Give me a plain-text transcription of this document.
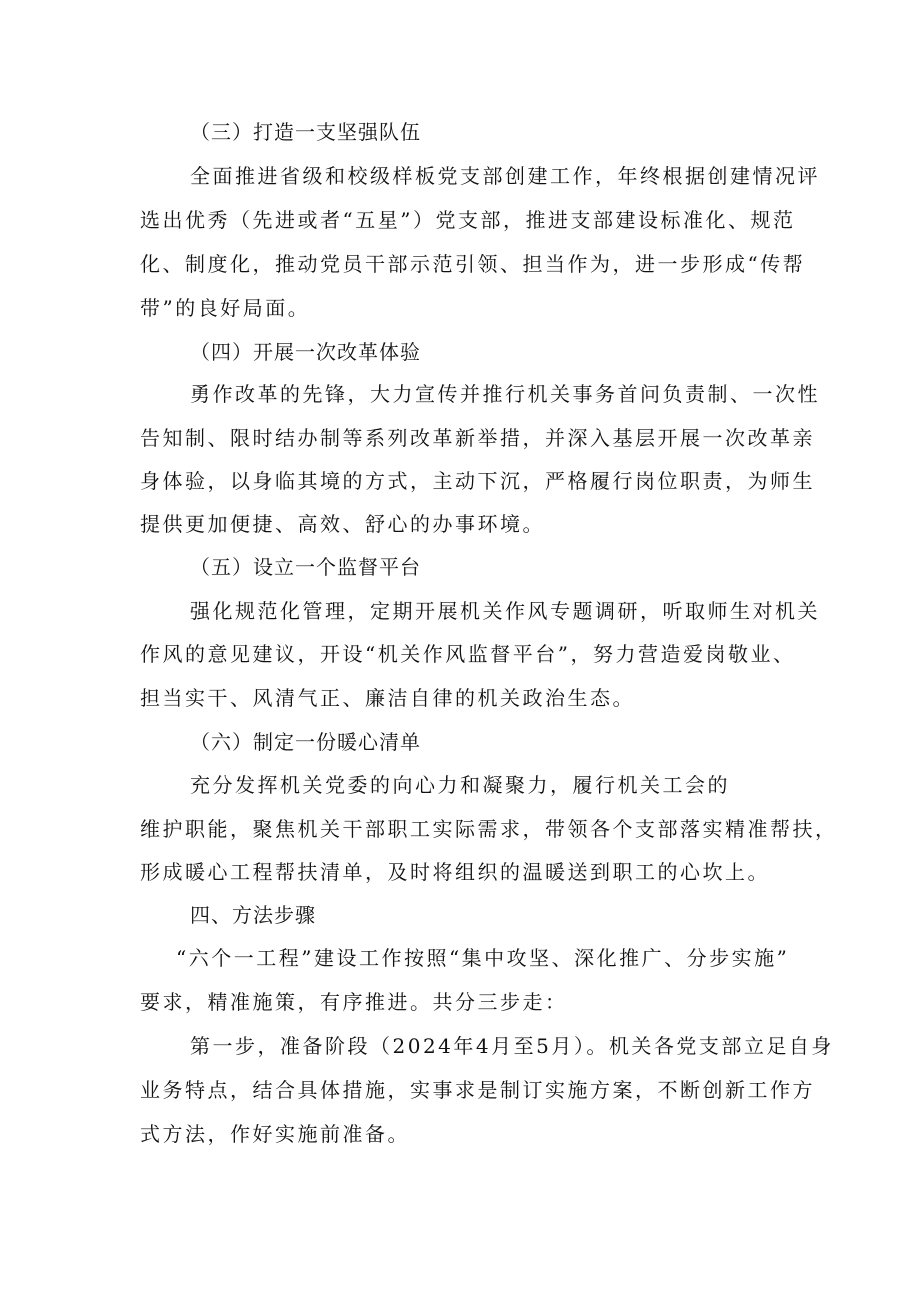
（三）打造一支坚强队伍
全面推进省级和校级样板党支部创建工作，年终根据创建情况评
选出优秀（先进或者“五星”）党支部，推进支部建设标准化、规范
化、制度化，推动党员干部示范引领、担当作为，进一步形成“传帮
带”的良好局面。
（四）开展一次改革体验
勇作改革的先锋，大力宣传并推行机关事务首问负责制、一次性
告知制、限时结办制等系列改革新举措，并深入基层开展一次改革亲
身体验，以身临其境的方式，主动下沉，严格履行岗位职责，为师生
提供更加便捷、高效、舒心的办事环境。
（五）设立一个监督平台
强化规范化管理，定期开展机关作风专题调研，听取师生对机关
作风的意见建议，开设“机关作风监督平台”，努力营造爱岗敬业、
担当实干、风清气正、廉洁自律的机关政治生态。
（六）制定一份暖心清单
充分发挥机关党委的向心力和凝聚力，履行机关工会的
维护职能，聚焦机关干部职工实际需求，带领各个支部落实精准帮扶，
形成暖心工程帮扶清单，及时将组织的温暖送到职工的心坎上。
四、方法步骤
“六个一工程”建设工作按照“集中攻坚、深化推广、分步实施”
要求，精准施策，有序推进。共分三步走：
第一步，准备阶段（2024年4月至5月）。机关各党支部立足自身
业务特点，结合具体措施，实事求是制订实施方案，不断创新工作方
式方法，作好实施前准备。
